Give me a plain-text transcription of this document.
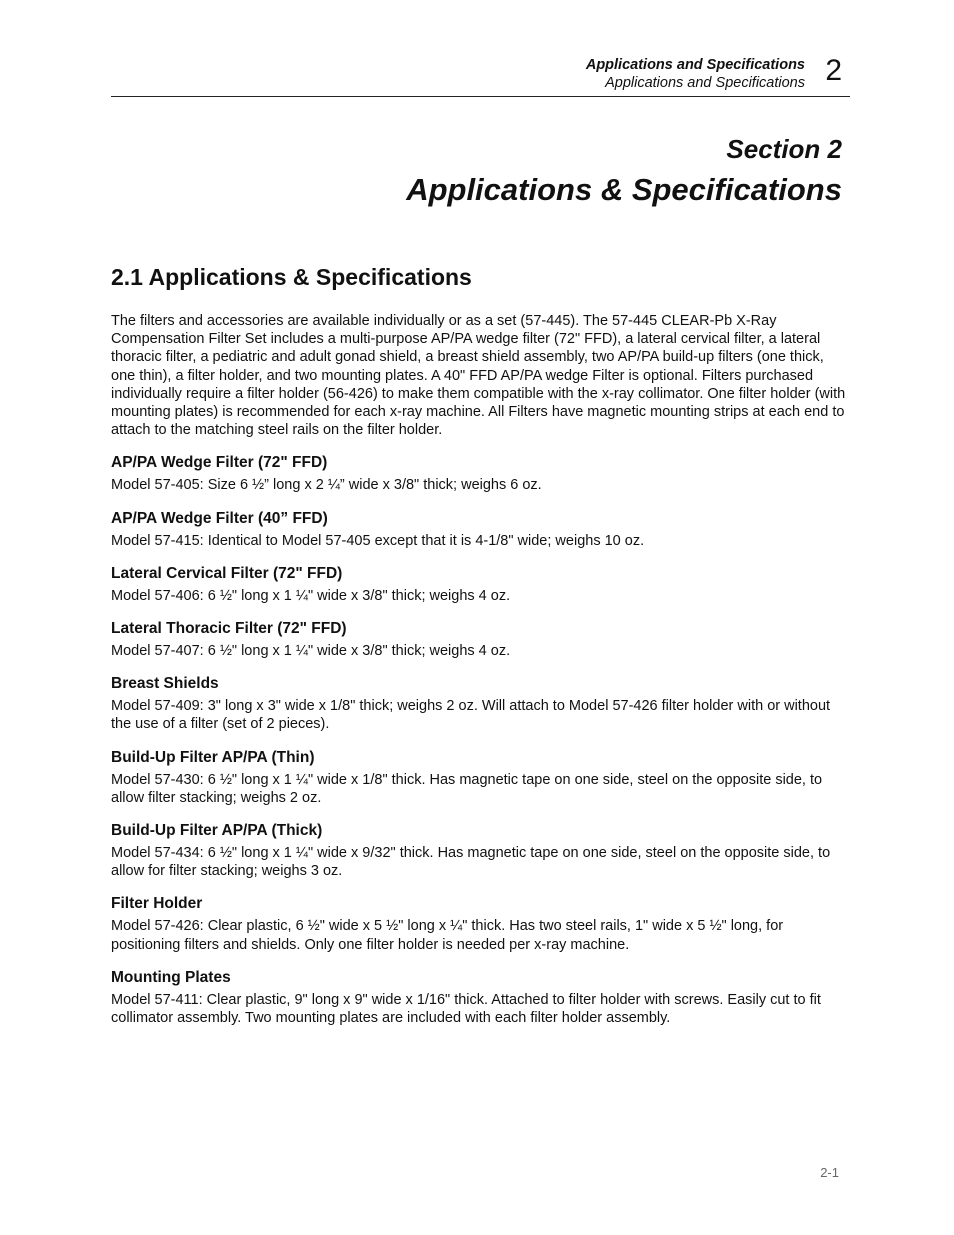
Applications and Specifications
Applications and Specifications 2
Section 2
Applications & Specifications
2.1 Applications & Specifications

The filters and accessories are available individually or as a set (57-445). The 57-445 CLEAR-Pb X-Ray Compensation Filter Set includes a multi-purpose AP/PA wedge filter (72" FFD), a lateral cervical filter, a lateral thoracic filter, a pediatric and adult gonad shield, a breast shield assembly, two AP/PA build-up filters (one thick, one thin), a filter holder, and two mounting plates. A 40" FFD AP/PA wedge Filter is optional. Filters purchased individually require a filter holder (56-426) to make them compatible with the x-ray collimator. One filter holder (with mounting plates) is recommended for each x-ray machine. All Filters have magnetic mounting strips at each end to attach to the matching steel rails on the filter holder.

AP/PA Wedge Filter (72" FFD)

Model 57-405: Size 6 ½” long x 2 ¼” wide x 3/8" thick; weighs 6 oz.

AP/PA Wedge Filter (40” FFD)

Model 57-415: Identical to Model 57-405 except that it is 4-1/8" wide; weighs 10 oz.

Lateral Cervical Filter (72" FFD)

Model 57-406: 6 ½" long x 1 ¼" wide x 3/8" thick; weighs 4 oz.

Lateral Thoracic Filter (72" FFD)

Model 57-407: 6 ½" long x 1 ¼" wide x 3/8" thick; weighs 4 oz.

Breast Shields

Model 57-409: 3" long x 3" wide x 1/8" thick; weighs 2 oz. Will attach to Model 57-426 filter holder with or without the use of a filter (set of 2 pieces).

Build-Up Filter AP/PA (Thin)

Model 57-430: 6 ½" long x 1 ¼" wide x 1/8" thick. Has magnetic tape on one side, steel on the opposite side, to allow filter stacking; weighs 2 oz.

Build-Up Filter AP/PA (Thick)

Model 57-434: 6 ½" long x 1 ¼" wide x 9/32" thick. Has magnetic tape on one side, steel on the opposite side, to allow for filter stacking; weighs 3 oz.

Filter Holder

Model 57-426: Clear plastic, 6 ½" wide x 5 ½" long x ¼" thick. Has two steel rails, 1" wide x 5 ½" long, for positioning filters and shields. Only one filter holder is needed per x-ray machine.

Mounting Plates

Model 57-411: Clear plastic, 9" long x 9" wide x 1/16" thick. Attached to filter holder with screws. Easily cut to fit collimator assembly. Two mounting plates are included with each filter holder assembly.

2-1
